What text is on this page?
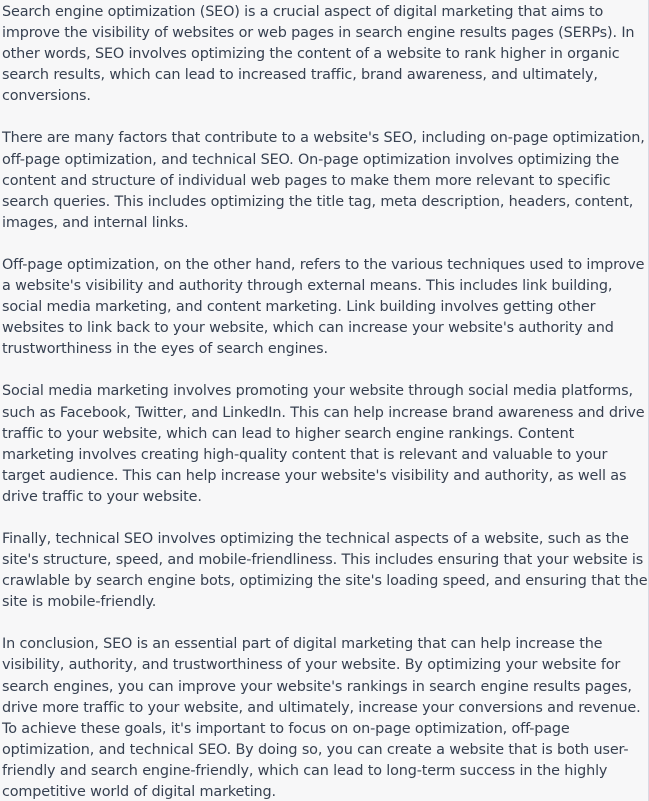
Search engine optimization (SEO) is a crucial aspect of digital marketing that aims to improve the visibility of websites or web pages in search engine results pages (SERPs). In other words, SEO involves optimizing the content of a website to rank higher in organic search results, which can lead to increased traffic, brand awareness, and ultimately, conversions.

There are many factors that contribute to a website's SEO, including on-page optimization, off-page optimization, and technical SEO. On-page optimization involves optimizing the content and structure of individual web pages to make them more relevant to specific search queries. This includes optimizing the title tag, meta description, headers, content, images, and internal links.

Off-page optimization, on the other hand, refers to the various techniques used to improve a website's visibility and authority through external means. This includes link building, social media marketing, and content marketing. Link building involves getting other websites to link back to your website, which can increase your website's authority and trustworthiness in the eyes of search engines.

Social media marketing involves promoting your website through social media platforms, such as Facebook, Twitter, and LinkedIn. This can help increase brand awareness and drive traffic to your website, which can lead to higher search engine rankings. Content marketing involves creating high-quality content that is relevant and valuable to your target audience. This can help increase your website's visibility and authority, as well as drive traffic to your website.

Finally, technical SEO involves optimizing the technical aspects of a website, such as the site's structure, speed, and mobile-friendliness. This includes ensuring that your website is crawlable by search engine bots, optimizing the site's loading speed, and ensuring that the site is mobile-friendly.

In conclusion, SEO is an essential part of digital marketing that can help increase the visibility, authority, and trustworthiness of your website. By optimizing your website for search engines, you can improve your website's rankings in search engine results pages, drive more traffic to your website, and ultimately, increase your conversions and revenue. To achieve these goals, it's important to focus on on-page optimization, off-page optimization, and technical SEO. By doing so, you can create a website that is both user-friendly and search engine-friendly, which can lead to long-term success in the highly competitive world of digital marketing.
